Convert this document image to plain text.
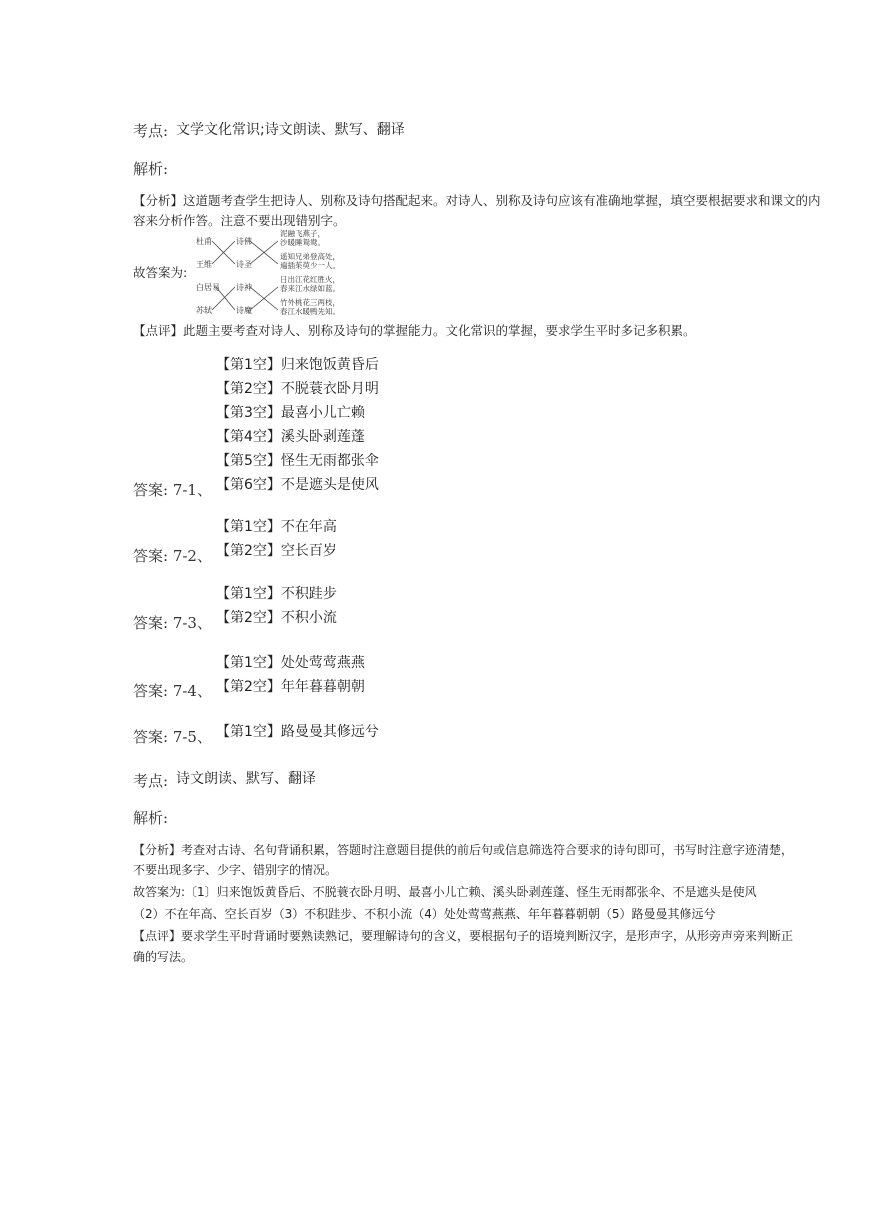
考点: 文学文化常识;诗文朗读、默写、翻译
解析:
【分析】这道题考查学生把诗人、别称及诗句搭配起来。对诗人、别称及诗句应该有准确地掌握，填空要根据要求和课文的内
容来分析作答。注意不要出现错别字。
故答案为:
杜甫
王维
白居易
苏轼
诗佛
诗圣
诗神
诗魔
泥融飞燕子，
沙暖睡鸳鸯。
遥知兄弟登高处，
遍插茱萸少一人。
日出江花红胜火，
春来江水绿如蓝。
竹外桃花三两枝，
春江水暖鸭先知。
【点评】此题主要考查对诗人、别称及诗句的掌握能力。文化常识的掌握，要求学生平时多记多积累。
【第1空】归来饱饭黄昏后
【第2空】不脱蓑衣卧月明
【第3空】最喜小儿亡赖
【第4空】溪头卧剥莲蓬
【第5空】怪生无雨都张伞
【第6空】不是遮头是使风
答案: 7-1、
【第1空】不在年高
【第2空】空长百岁
答案: 7-2、
【第1空】不积跬步
【第2空】不积小流
答案: 7-3、
【第1空】处处莺莺燕燕
【第2空】年年暮暮朝朝
答案: 7-4、
【第1空】路曼曼其修远兮
答案: 7-5、
考点: 诗文朗读、默写、翻译
解析:
【分析】考查对古诗、名句背诵积累，答题时注意题目提供的前后句或信息筛选符合要求的诗句即可，书写时注意字迹清楚，
不要出现多字、少字、错别字的情况。
故答案为:〔1〕归来饱饭黄昏后、不脱蓑衣卧月明、最喜小儿亡赖、溪头卧剥莲蓬、怪生无雨都张伞、不是遮头是使风
（2）不在年高、空长百岁（3）不积跬步、不积小流（4）处处莺莺燕燕、年年暮暮朝朝（5）路曼曼其修远兮
【点评】要求学生平时背诵时要熟读熟记，要理解诗句的含义，要根据句子的语境判断汉字，是形声字，从形旁声旁来判断正
确的写法。
